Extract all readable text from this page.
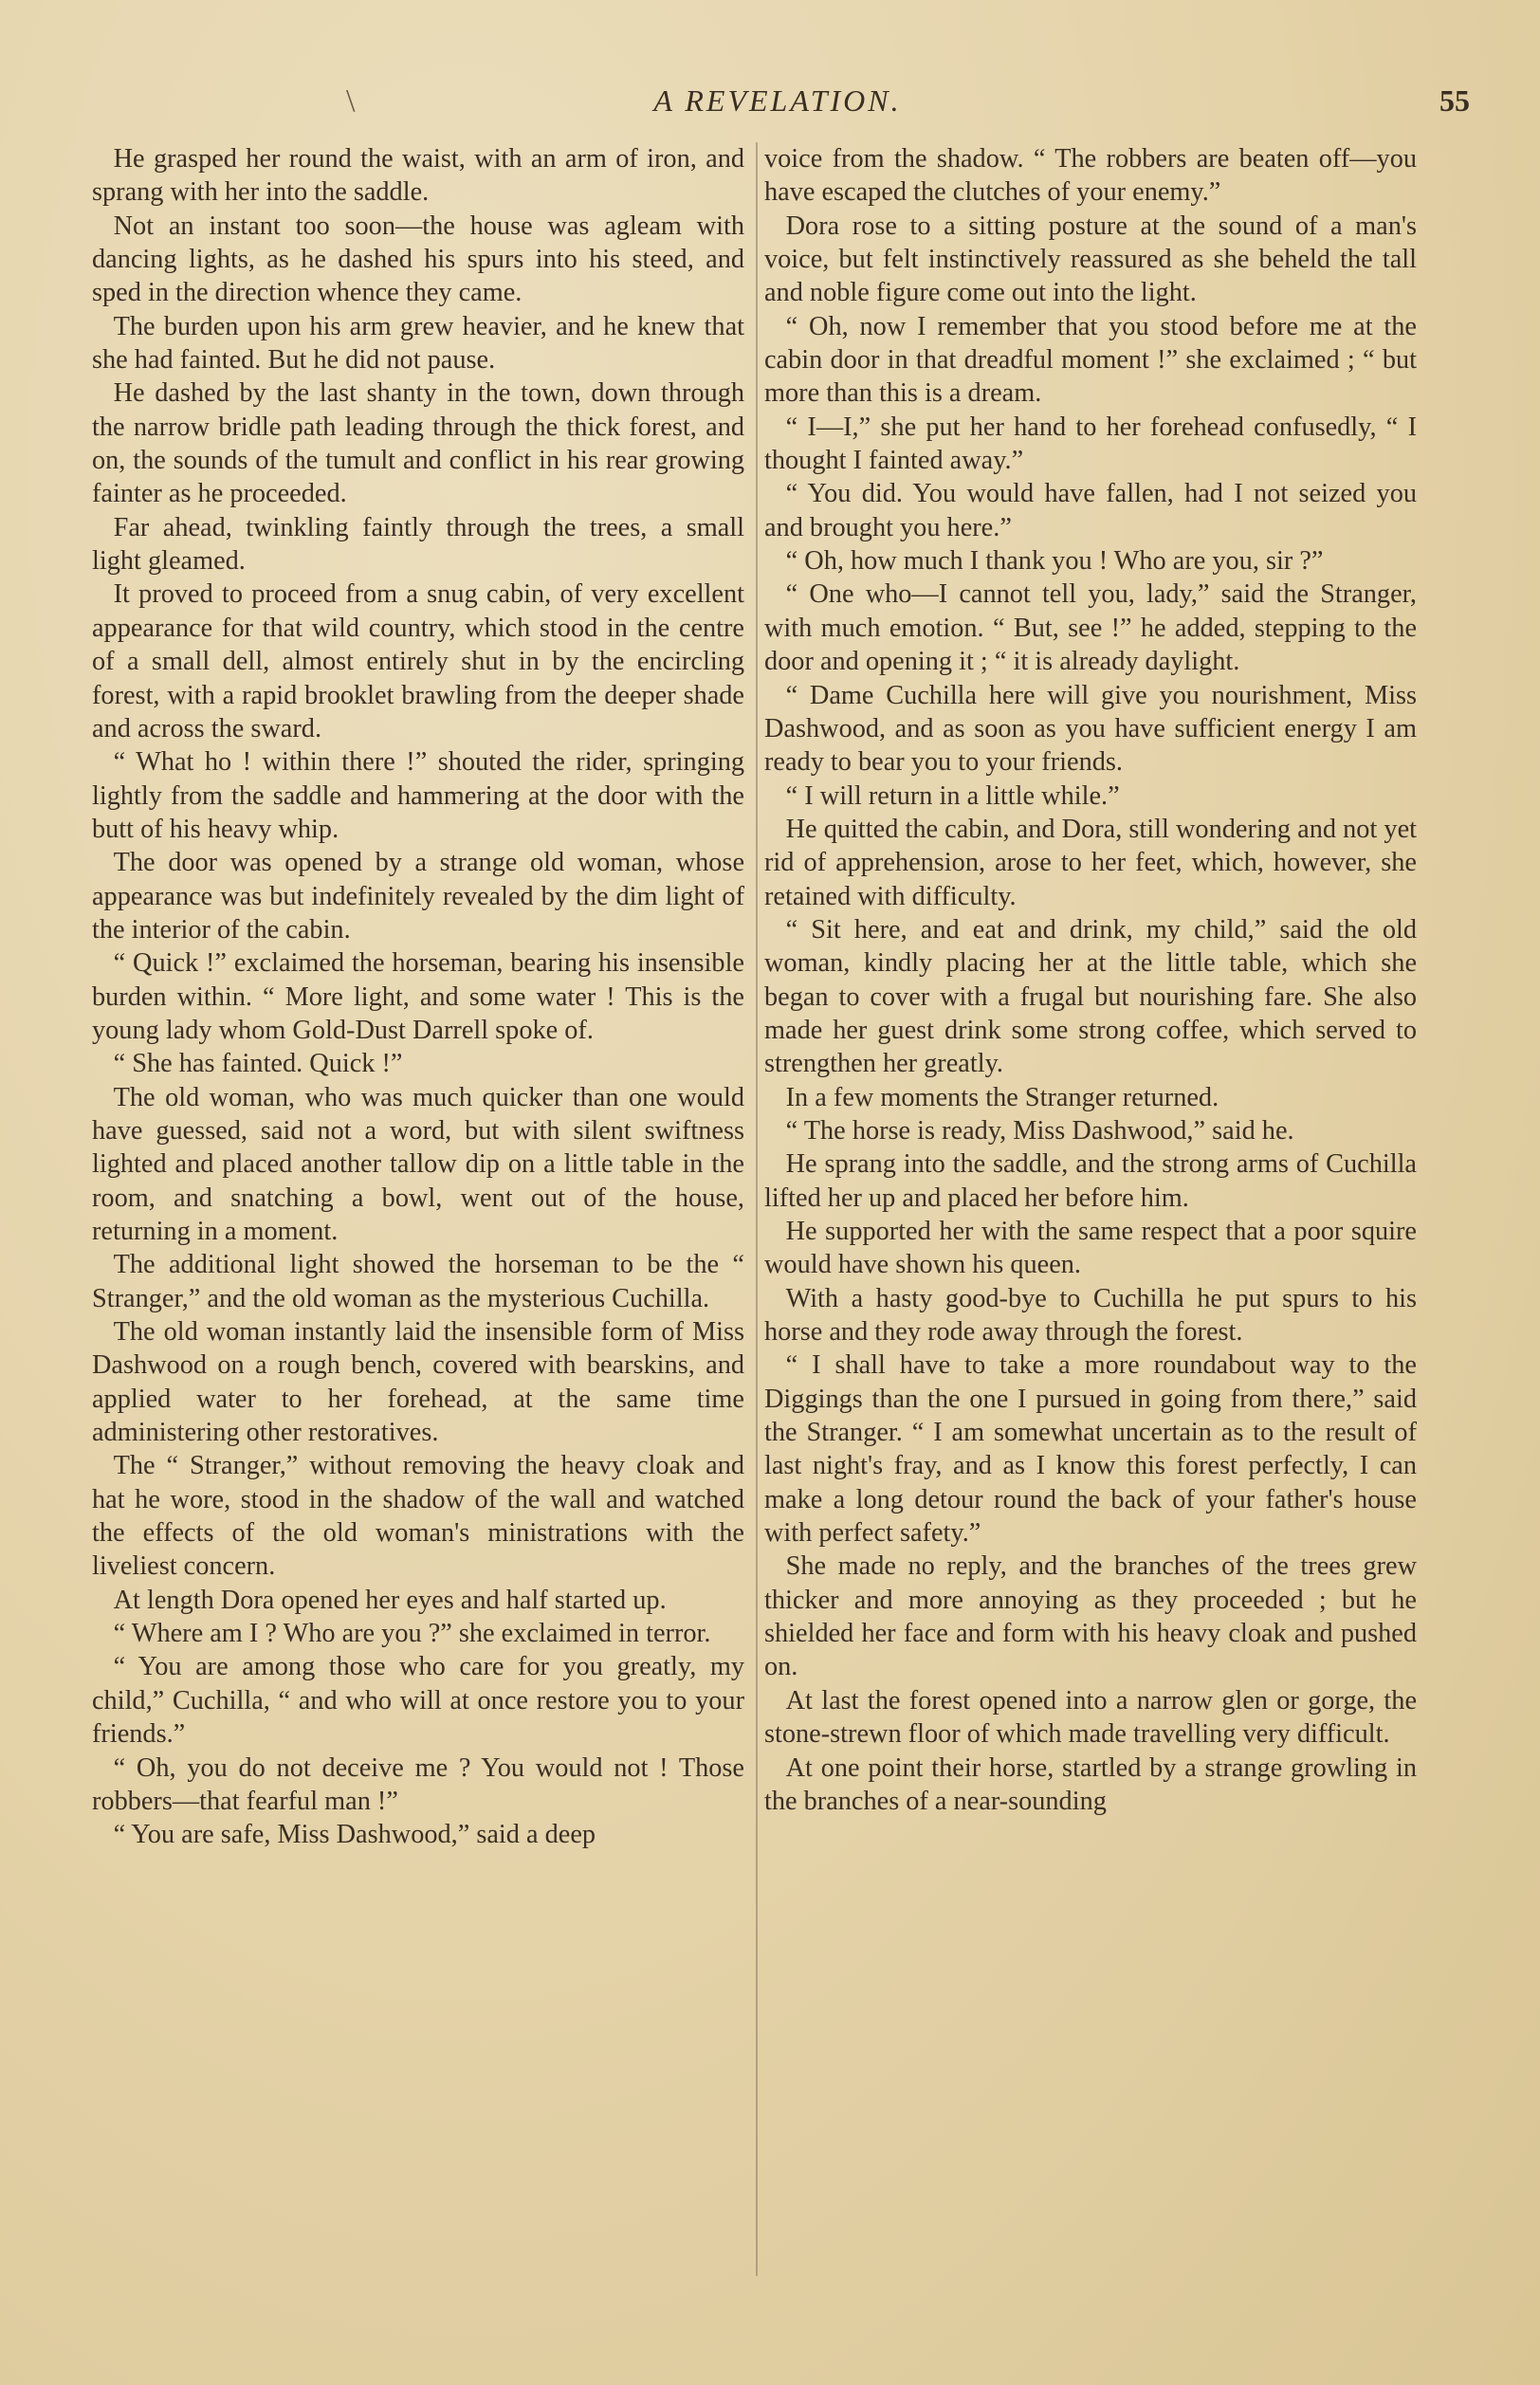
\	A REVELATION.	55

He grasped her round the waist, with an arm of iron, and sprang with her into the saddle.

Not an instant too soon—the house was agleam with dancing lights, as he dashed his spurs into his steed, and sped in the direction whence they came.

The burden upon his arm grew heavier, and he knew that she had fainted. But he did not pause.

He dashed by the last shanty in the town, down through the narrow bridle path leading through the thick forest, and on, the sounds of the tumult and conflict in his rear growing fainter as he proceeded.

Far ahead, twinkling faintly through the trees, a small light gleamed.

It proved to proceed from a snug cabin, of very excellent appearance for that wild country, which stood in the centre of a small dell, almost entirely shut in by the encircling forest, with a rapid brooklet brawling from the deeper shade and across the sward.

“ What ho ! within there !” shouted the rider, springing lightly from the saddle and hammering at the door with the butt of his heavy whip.

The door was opened by a strange old woman, whose appearance was but indefinitely revealed by the dim light of the interior of the cabin.

“ Quick !” exclaimed the horseman, bearing his insensible burden within. “ More light, and some water ! This is the young lady whom Gold-Dust Darrell spoke of.

“ She has fainted. Quick !”

The old woman, who was much quicker than one would have guessed, said not a word, but with silent swiftness lighted and placed another tallow dip on a little table in the room, and snatching a bowl, went out of the house, returning in a moment.

The additional light showed the horseman to be the “ Stranger,” and the old woman as the mysterious Cuchilla.

The old woman instantly laid the insensible form of Miss Dashwood on a rough bench, covered with bearskins, and applied water to her forehead, at the same time administering other restoratives.

The “ Stranger,” without removing the heavy cloak and hat he wore, stood in the shadow of the wall and watched the effects of the old woman's ministrations with the liveliest concern.

At length Dora opened her eyes and half started up.

“ Where am I ? Who are you ?” she exclaimed in terror.

“ You are among those who care for you greatly, my child,” Cuchilla, “ and who will at once restore you to your friends.”

“ Oh, you do not deceive me ? You would not ! Those robbers—that fearful man !”

“ You are safe, Miss Dashwood,” said a deep

voice from the shadow. “ The robbers are beaten off—you have escaped the clutches of your enemy.”

Dora rose to a sitting posture at the sound of a man's voice, but felt instinctively reassured as she beheld the tall and noble figure come out into the light.

“ Oh, now I remember that you stood before me at the cabin door in that dreadful moment !” she exclaimed ; “ but more than this is a dream.

“ I—I,” she put her hand to her forehead confusedly, “ I thought I fainted away.”

“ You did. You would have fallen, had I not seized you and brought you here.”

“ Oh, how much I thank you ! Who are you, sir ?”

“ One who—I cannot tell you, lady,” said the Stranger, with much emotion. “ But, see !” he added, stepping to the door and opening it ; “ it is already daylight.

“ Dame Cuchilla here will give you nourishment, Miss Dashwood, and as soon as you have sufficient energy I am ready to bear you to your friends.

“ I will return in a little while.”

He quitted the cabin, and Dora, still wondering and not yet rid of apprehension, arose to her feet, which, however, she retained with difficulty.

“ Sit here, and eat and drink, my child,” said the old woman, kindly placing her at the little table, which she began to cover with a frugal but nourishing fare. She also made her guest drink some strong coffee, which served to strengthen her greatly.

In a few moments the Stranger returned.

“ The horse is ready, Miss Dashwood,” said he.

He sprang into the saddle, and the strong arms of Cuchilla lifted her up and placed her before him.

He supported her with the same respect that a poor squire would have shown his queen.

With a hasty good-bye to Cuchilla he put spurs to his horse and they rode away through the forest.

“ I shall have to take a more roundabout way to the Diggings than the one I pursued in going from there,” said the Stranger. “ I am somewhat uncertain as to the result of last night's fray, and as I know this forest perfectly, I can make a long detour round the back of your father's house with perfect safety.”

She made no reply, and the branches of the trees grew thicker and more annoying as they proceeded ; but he shielded her face and form with his heavy cloak and pushed on.

At last the forest opened into a narrow glen or gorge, the stone-strewn floor of which made travelling very difficult.

At one point their horse, startled by a strange growling in the branches of a near-sounding
